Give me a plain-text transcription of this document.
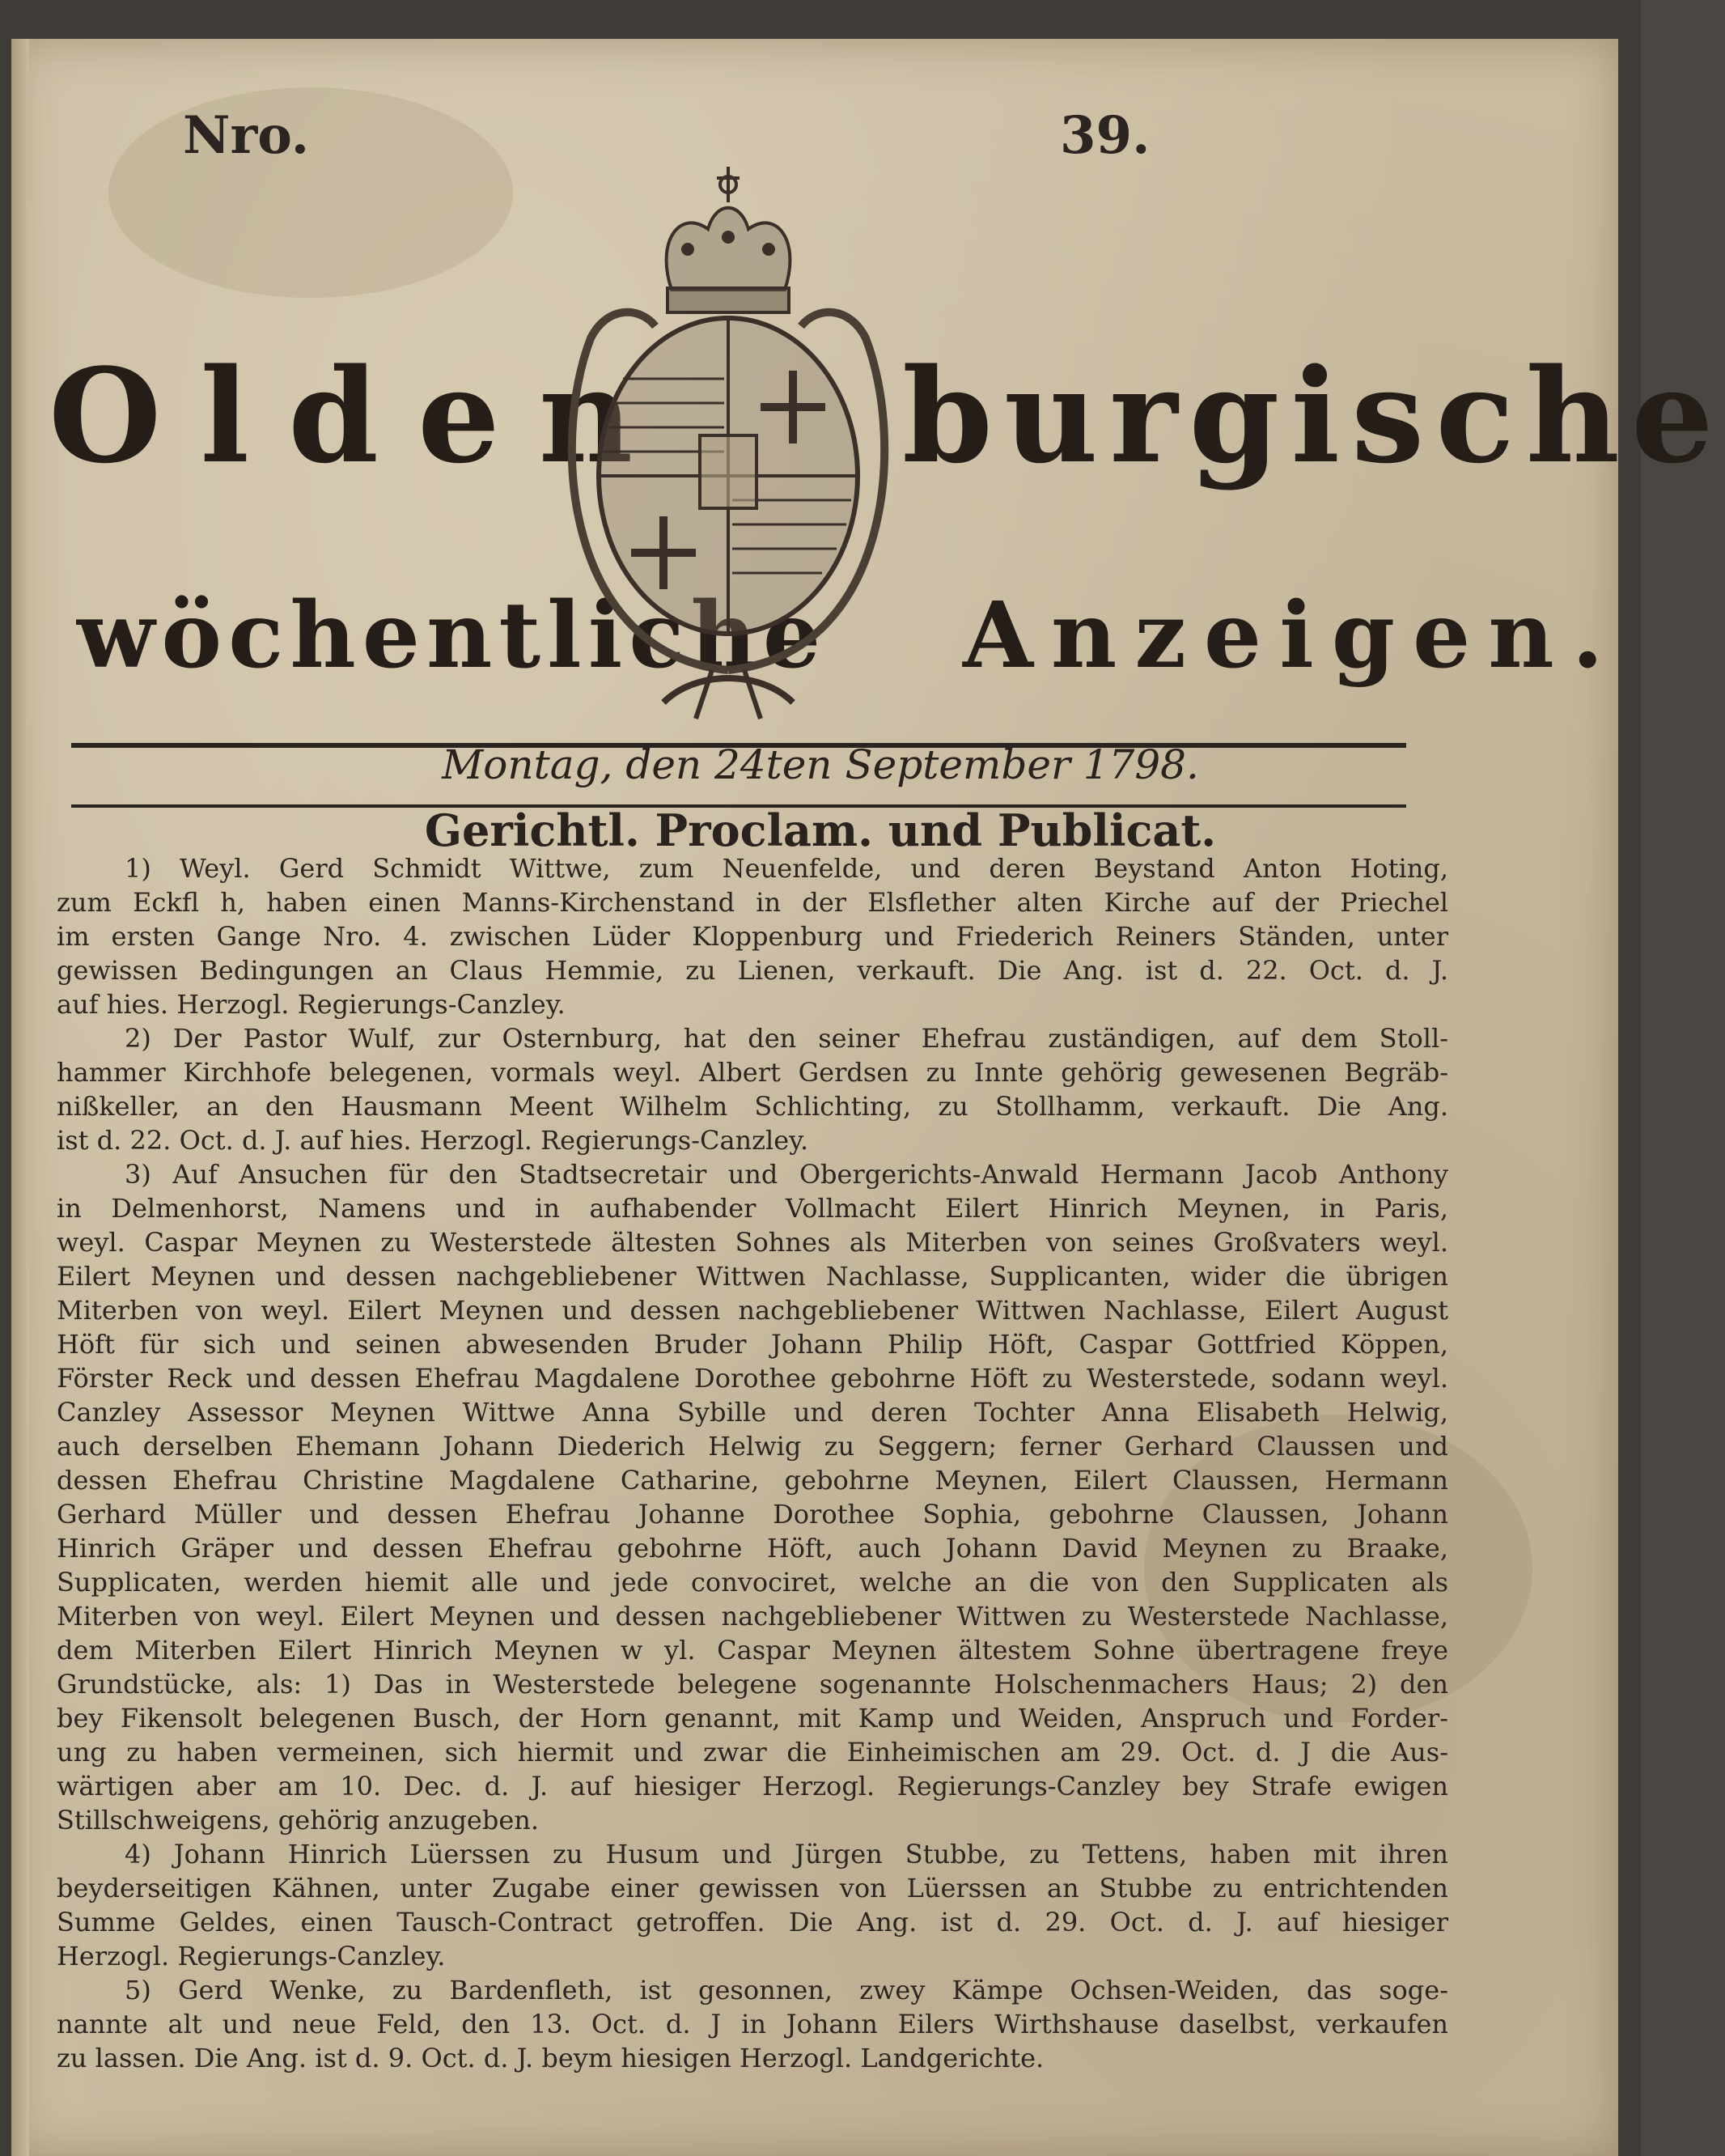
Nro.	39.
Olden burgische
wöchentliche Anzeigen.
Montag, den 24ten September 1798.
Gerichtl. Proclam. und Publicat.
1) Weyl. Gerd Schmidt Wittwe, zum Neuenfelde, und deren Beystand Anton Hoting,
zum Eckfl h, haben einen Manns-Kirchenstand in der Elsflether alten Kirche auf der Priechel
im ersten Gange Nro. 4. zwischen Lüder Kloppenburg und Friederich Reiners Ständen, unter
gewissen Bedingungen an Claus Hemmie, zu Lienen, verkauft. Die Ang. ist d. 22. Oct. d. J.
auf hies. Herzogl. Regierungs-Canzley.
2) Der Pastor Wulf, zur Osternburg, hat den seiner Ehefrau zuständigen, auf dem Stoll-
hammer Kirchhofe belegenen, vormals weyl. Albert Gerdsen zu Innte gehörig gewesenen Begräb-
nißkeller, an den Hausmann Meent Wilhelm Schlichting, zu Stollhamm, verkauft. Die Ang.
ist d. 22. Oct. d. J. auf hies. Herzogl. Regierungs-Canzley.
3) Auf Ansuchen für den Stadtsecretair und Obergerichts-Anwald Hermann Jacob Anthony
in Delmenhorst, Namens und in aufhabender Vollmacht Eilert Hinrich Meynen, in Paris,
weyl. Caspar Meynen zu Westerstede ältesten Sohnes als Miterben von seines Großvaters weyl.
Eilert Meynen und dessen nachgebliebener Wittwen Nachlasse, Supplicanten, wider die übrigen
Miterben von weyl. Eilert Meynen und dessen nachgebliebener Wittwen Nachlasse, Eilert August
Höft für sich und seinen abwesenden Bruder Johann Philip Höft, Caspar Gottfried Köppen,
Förster Reck und dessen Ehefrau Magdalene Dorothee gebohrne Höft zu Westerstede, sodann weyl.
Canzley Assessor Meynen Wittwe Anna Sybille und deren Tochter Anna Elisabeth Helwig,
auch derselben Ehemann Johann Diederich Helwig zu Seggern; ferner Gerhard Claussen und
dessen Ehefrau Christine Magdalene Catharine, gebohrne Meynen, Eilert Claussen, Hermann
Gerhard Müller und dessen Ehefrau Johanne Dorothee Sophia, gebohrne Claussen, Johann
Hinrich Gräper und dessen Ehefrau gebohrne Höft, auch Johann David Meynen zu Braake,
Supplicaten, werden hiemit alle und jede convociret, welche an die von den Supplicaten als
Miterben von weyl. Eilert Meynen und dessen nachgebliebener Wittwen zu Westerstede Nachlasse,
dem Miterben Eilert Hinrich Meynen w yl. Caspar Meynen ältestem Sohne übertragene freye
Grundstücke, als: 1) Das in Westerstede belegene sogenannte Holschenmachers Haus; 2) den
bey Fikensolt belegenen Busch, der Horn genannt, mit Kamp und Weiden, Anspruch und Forder-
ung zu haben vermeinen, sich hiermit und zwar die Einheimischen am 29. Oct. d. J die Aus-
wärtigen aber am 10. Dec. d. J. auf hiesiger Herzogl. Regierungs-Canzley bey Strafe ewigen
Stillschweigens, gehörig anzugeben.
4) Johann Hinrich Lüerssen zu Husum und Jürgen Stubbe, zu Tettens, haben mit ihren
beyderseitigen Kähnen, unter Zugabe einer gewissen von Lüerssen an Stubbe zu entrichtenden
Summe Geldes, einen Tausch-Contract getroffen. Die Ang. ist d. 29. Oct. d. J. auf hiesiger
Herzogl. Regierungs-Canzley.
5) Gerd Wenke, zu Bardenfleth, ist gesonnen, zwey Kämpe Ochsen-Weiden, das soge-
nannte alt und neue Feld, den 13. Oct. d. J in Johann Eilers Wirthshause daselbst, verkaufen
zu lassen. Die Ang. ist d. 9. Oct. d. J. beym hiesigen Herzogl. Landgerichte.
